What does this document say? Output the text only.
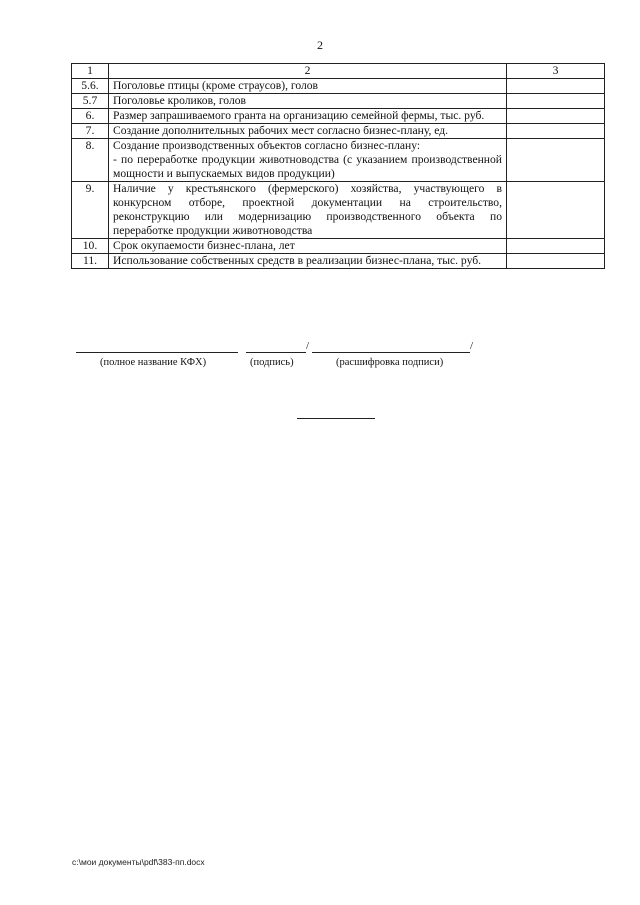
2
1	2	3
5.6.	Поголовье птицы (кроме страусов), голов	
5.7	Поголовье кроликов, голов	
6.	Размер запрашиваемого гранта на организацию семейной фермы, тыс. руб.	
7.	Создание дополнительных рабочих мест согласно бизнес-плану, ед.	
8.	Создание производственных объектов согласно бизнес-плану:
- по переработке продукции животноводства (с указанием производственной мощности и выпускаемых видов продукции)	

9.	Наличие у крестьянского (фермерского) хозяйства, участвующего в конкурсном отборе, проектной документации на строительство, реконструкцию или модернизацию производственного объекта по переработке продукции животноводства	
10.	Срок окупаемости бизнес-плана, лет	
11.	Использование собственных средств в реализации бизнес-плана, тыс. руб.	
/	/
(полное название КФХ)	(подпись)	(расшифровка подписи)
c:\мои документы\pdf\383-пп.docx
